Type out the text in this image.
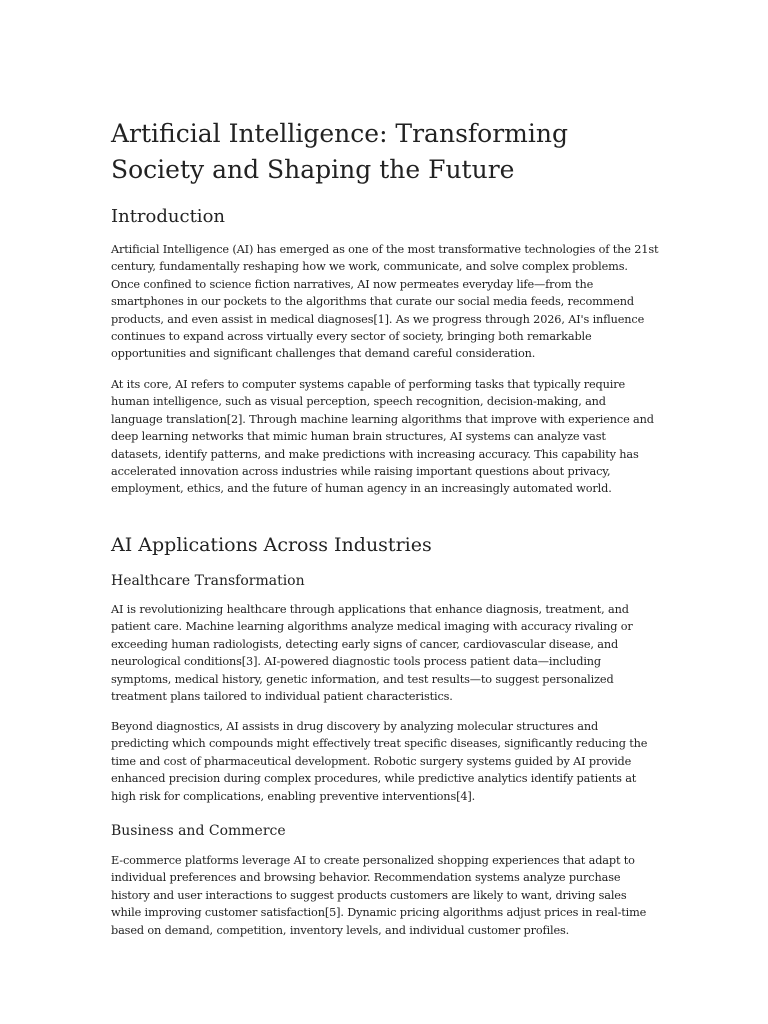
Artificial Intelligence: Transforming Society and Shaping the Future
Introduction

Artificial Intelligence (AI) has emerged as one of the most transformative technologies of the 21st century, fundamentally reshaping how we work, communicate, and solve complex problems. Once confined to science fiction narratives, AI now permeates everyday life—from the smartphones in our pockets to the algorithms that curate our social media feeds, recommend products, and even assist in medical diagnoses[1]. As we progress through 2026, AI's influence continues to expand across virtually every sector of society, bringing both remarkable opportunities and significant challenges that demand careful consideration.

At its core, AI refers to computer systems capable of performing tasks that typically require human intelligence, such as visual perception, speech recognition, decision-making, and language translation[2]. Through machine learning algorithms that improve with experience and deep learning networks that mimic human brain structures, AI systems can analyze vast datasets, identify patterns, and make predictions with increasing accuracy. This capability has accelerated innovation across industries while raising important questions about privacy, employment, ethics, and the future of human agency in an increasingly automated world.

AI Applications Across Industries
Healthcare Transformation

AI is revolutionizing healthcare through applications that enhance diagnosis, treatment, and patient care. Machine learning algorithms analyze medical imaging with accuracy rivaling or exceeding human radiologists, detecting early signs of cancer, cardiovascular disease, and neurological conditions[3]. AI-powered diagnostic tools process patient data—including symptoms, medical history, genetic information, and test results—to suggest personalized treatment plans tailored to individual patient characteristics.

Beyond diagnostics, AI assists in drug discovery by analyzing molecular structures and predicting which compounds might effectively treat specific diseases, significantly reducing the time and cost of pharmaceutical development. Robotic surgery systems guided by AI provide enhanced precision during complex procedures, while predictive analytics identify patients at high risk for complications, enabling preventive interventions[4].

Business and Commerce

E-commerce platforms leverage AI to create personalized shopping experiences that adapt to individual preferences and browsing behavior. Recommendation systems analyze purchase history and user interactions to suggest products customers are likely to want, driving sales while improving customer satisfaction[5]. Dynamic pricing algorithms adjust prices in real-time based on demand, competition, inventory levels, and individual customer profiles.
